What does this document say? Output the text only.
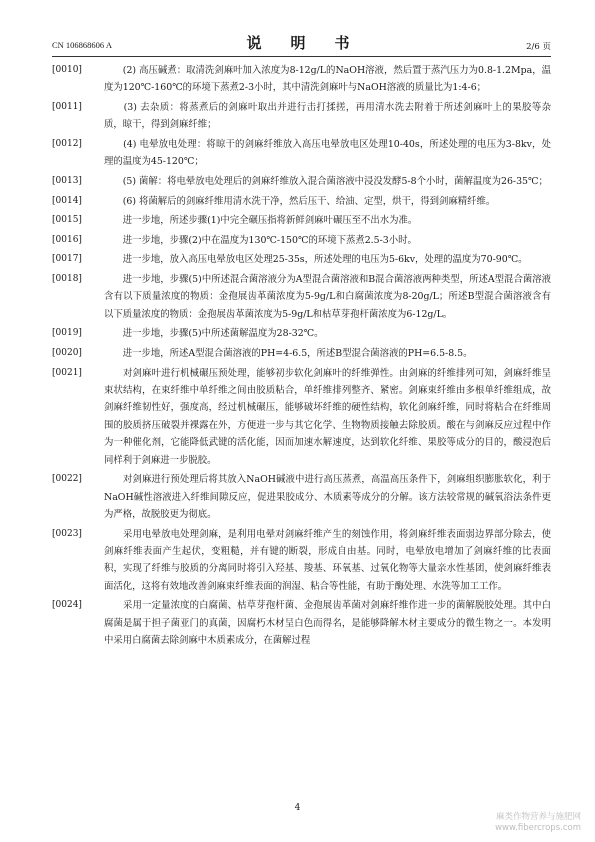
CN 106868606 A	说　明　书	2/6 页
[0010]	　　(2) 高压碱煮：取清洗剑麻叶加入浓度为8-12g/L的NaOH溶液，然后置于蒸汽压力为0.8-1.2Mpa，温度为120℃-160℃的环境下蒸煮2-3小时，其中清洗剑麻叶与NaOH溶液的质量比为1:4-6；
[0011]	　　(3) 去杂质：将蒸煮后的剑麻叶取出并进行击打揉搓，再用清水洗去附着于所述剑麻叶上的果胶等杂质，晾干，得到剑麻纤维；
[0012]	　　(4) 电晕放电处理：将晾干的剑麻纤维放入高压电晕放电区处理10-40s，所述处理的电压为3-8kv，处理的温度为45-120℃；
[0013]	　　(5) 菌解：将电晕放电处理后的剑麻纤维放入混合菌溶液中浸没发酵5-8个小时，菌解温度为26-35℃；
[0014]	　　(6) 将菌解后的剑麻纤维用清水洗干净，然后压干、给油、定型，烘干，得到剑麻精纤维。
[0015]	　　进一步地，所述步骤(1)中完全碾压指将新鲜剑麻叶碾压至不出水为准。
[0016]	　　进一步地，步骤(2)中在温度为130℃-150℃的环境下蒸煮2.5-3小时。
[0017]	　　进一步地，放入高压电晕放电区处理25-35s，所述处理的电压为5-6kv，处理的温度为70-90℃。
[0018]	　　进一步地，步骤(5)中所述混合菌溶液分为A型混合菌溶液和B混合菌溶液两种类型，所述A型混合菌溶液含有以下质量浓度的物质：金孢展齿革菌浓度为5-9g/L和白腐菌浓度为8-20g/L；所述B型混合菌溶液含有以下质量浓度的物质：金孢展齿革菌浓度为5-9g/L和枯草芽孢杆菌浓度为6-12g/L。
[0019]	　　进一步地，步骤(5)中所述菌解温度为28-32℃。
[0020]	　　进一步地，所述A型混合菌溶液的PH=4-6.5，所述B型混合菌溶液的PH=6.5-8.5。
[0021]	　　对剑麻叶进行机械碾压预处理，能够初步软化剑麻叶的纤维弹性。由剑麻的纤维排列可知，剑麻纤维呈束状结构，在束纤维中单纤维之间由胶质粘合，单纤维排列整齐、紧密。剑麻束纤维由多根单纤维组成，故剑麻纤维韧性好，强度高，经过机械碾压，能够破坏纤维的硬性结构，软化剑麻纤维，同时将粘合在纤维周围的胶质挤压破裂并裸露在外，方便进一步与其它化学、生物物质接触去除胶质。酸在与剑麻反应过程中作为一种催化剂，它能降低武键的活化能，因而加速水解速度，达到软化纤维、果胶等成分的目的，酸浸泡后同样利于剑麻进一步脱胶。
[0022]	　　对剑麻进行预处理后将其放入NaOH碱液中进行高压蒸煮，高温高压条件下，剑麻组织膨胀软化，利于NaOH碱性溶液进入纤维间隙反应，促进果胶成分、木质素等成分的分解。该方法较常规的碱氧浴法条件更为严格，故脱胶更为彻底。
[0023]	　　采用电晕放电处理剑麻，是利用电晕对剑麻纤维产生的刻蚀作用，将剑麻纤维表面弱边界部分除去，使剑麻纤维表面产生起伏，变粗糙，并有键的断裂，形成自由基。同时，电晕放电增加了剑麻纤维的比表面积，实现了纤维与胶质的分离同时将引入羟基、羧基、环氧基、过氧化物等大量亲水性基团，使剑麻纤维表面活化，这将有效地改善剑麻束纤维表面的润湿、粘合等性能，有助于酶处理、水洗等加工工作。
[0024]	　　采用一定量浓度的白腐菌、枯草芽孢杆菌、金孢展齿革菌对剑麻纤维作进一步的菌解脱胶处理。其中白腐菌是属于担子菌亚门的真菌，因腐朽木材呈白色而得名，是能够降解木材主要成分的微生物之一。本发明中采用白腐菌去除剑麻中木质素成分，在菌解过程
4
麻类作物营养与施肥网
www.fibercrops.com
